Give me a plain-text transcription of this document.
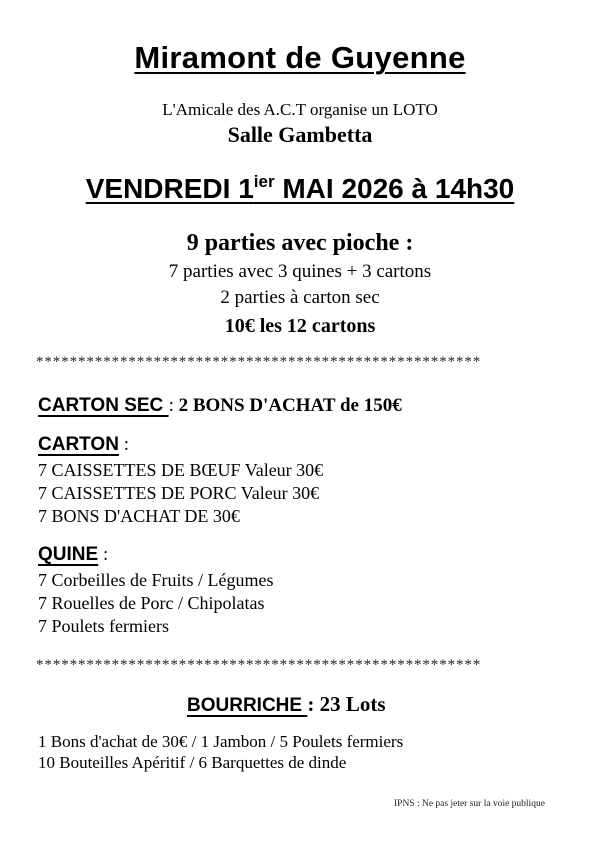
Miramont de Guyenne
L'Amicale des A.C.T organise un LOTO
Salle Gambetta
VENDREDI $1^{ier}$ MAI 2026 à 14h30
9 parties avec pioche :
7 parties avec 3 quines + 3 cartons
2 parties à carton sec
10€ les 12 cartons
*****************************************************
CARTON SEC : 2 BONS D'ACHAT de 150€
CARTON :
7 CAISSETTES DE BŒUF Valeur 30€
7 CAISSETTES DE PORC Valeur 30€
7 BONS D'ACHAT DE 30€
QUINE :
7 Corbeilles de Fruits / Légumes
7 Rouelles de Porc / Chipolatas
7 Poulets fermiers
*****************************************************
BOURRICHE : 23 Lots
1 Bons d'achat de 30€ / 1 Jambon / 5 Poulets fermiers
10 Bouteilles Apéritif / 6 Barquettes de dinde
IPNS : Ne pas jeter sur la voie publique
